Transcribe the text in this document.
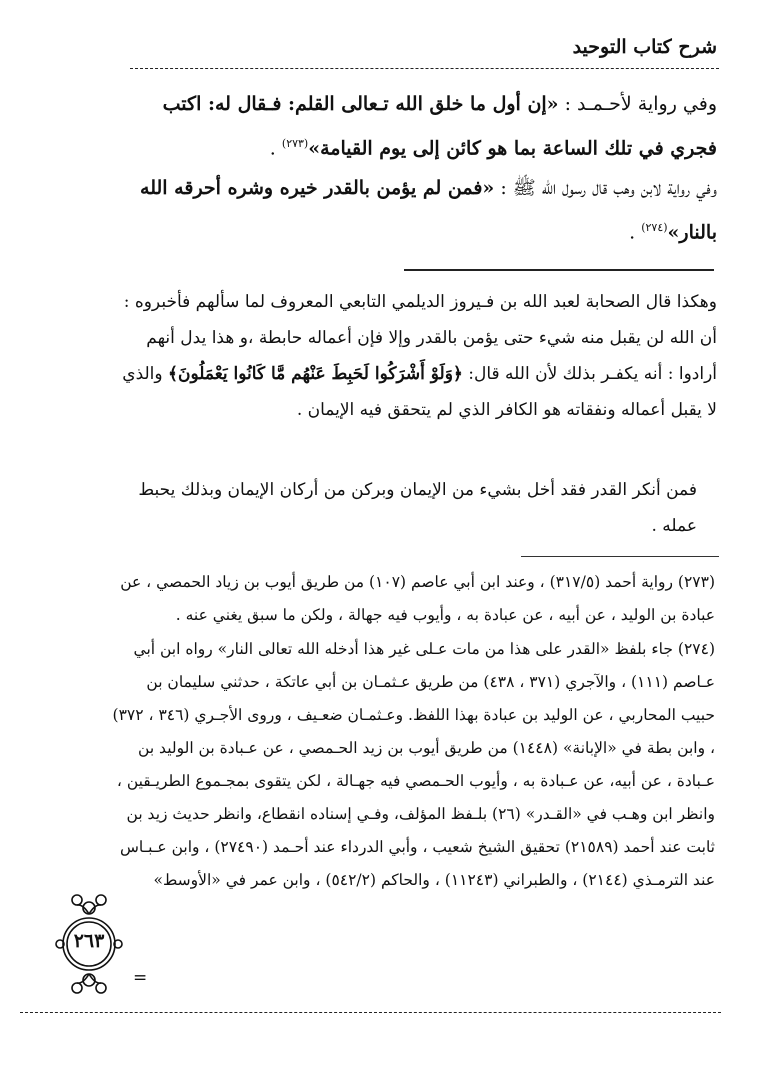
شرح كتاب التوحيد

وفي رواية لأحـمـد : «إن أول ما خلق الله تـعالى القلم: فـقال له: اكتب فجري في تلك الساعة بما هو كائن إلى يوم القيامة»$^{(٢٧٣)}$ .

وفي رواية لابن وهب قال رسول الله ﷺ : «فمن لم يؤمن بالقدر خيره وشره أحرقه الله بالنار»$^{(٢٧٤)}$ .

وهكذا قال الصحابة لعبد الله بن فـيروز الديلمي التابعي المعروف لما سألهم فأخبروه : أن الله لن يقبل منه شيء حتى يؤمن بالقدر وإلا فإن أعماله حابطة ،و هذا يدل أنهم أرادوا : أنه يكفـر بذلك لأن الله قال: ﴿وَلَوْ أَشْرَكُوا لَحَبِطَ عَنْهُم مَّا كَانُوا يَعْمَلُونَ﴾ والذي لا يقبل أعماله ونفقاته هو الكافر الذي لم يتحقق فيه الإيمان .

فمن أنكر القدر فقد أخل بشيء من الإيمان وبركن من أركان الإيمان وبذلك يحبط عمله .

(٢٧٣) رواية أحمد (٣١٧/٥) ، وعند ابن أبي عاصم (١٠٧) من طريق أيوب بن زياد الحمصي ، عن عبادة بن الوليد ، عن أبيه ، عن عبادة به ، وأيوب فيه جهالة ، ولكن ما سبق يغني عنه .

(٢٧٤) جاء بلفظ «القدر على هذا من مات عـلى غير هذا أدخله الله تعالى النار» رواه ابن أبي عـاصم (١١١) ، والآجري (٣٧١ ، ٤٣٨) من طريق عـثمـان بن أبي عاتكة ، حدثني سليمان بن حبيب المحاربي ، عن الوليد بن عبادة بهذا اللفظ. وعـثمـان ضعـيف ، وروى الأجـري (٣٤٦ ، ٣٧٢) ، وابن بطة في «الإبانة» (١٤٤٨) من طريق أيوب بن زيد الحـمصي ، عن عـبادة بن الوليد بن عـبادة ، عن أبيه، عن عـبادة به ، وأيوب الحـمصي فيه جهـالة ، لكن يتقوى بمجـموع الطريـقين ، وانظر ابن وهـب في «القـدر» (٢٦) بلـفظ المؤلف، وفـي إسناده انقطاع، وانظر حديث زيد بن ثابت عند أحمد (٢١٥٨٩) تحقيق الشيخ شعيب ، وأبي الدرداء عند أحـمد (٢٧٤٩٠) ، وابن عـبـاس عند الترمـذي (٢١٤٤) ، والطبراني (١١٢٤٣) ، والحاكم (٥٤٢/٢) ، وابن عمر في «الأوسط»

٢٦٣
=
